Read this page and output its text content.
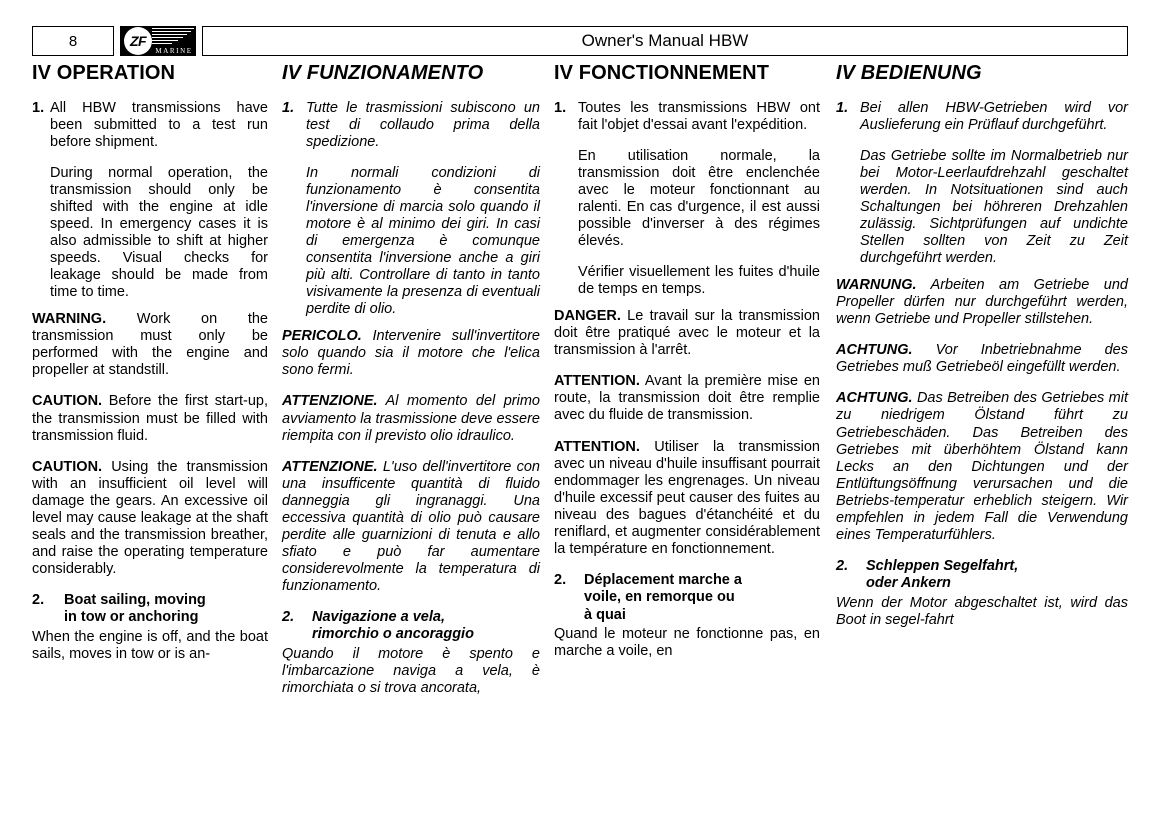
8	ZF
MARINE
Owner's Manual HBW
IV OPERATION
1. All HBW transmissions have been submitted to a test run before shipment.

During normal operation, the transmission should only be shifted with the engine at idle speed. In emergency cases it is also admissible to shift at higher speeds. Visual checks for leakage should be made from time to time.

WARNING. Work on the transmission must only be performed with the engine and propeller at standstill.

CAUTION. Before the first start-up, the transmission must be filled with transmission fluid.

CAUTION. Using the transmission with an insufficient oil level will damage the gears. An excessive oil level may cause leakage at the shaft seals and the transmission breather, and raise the operating temperature considerably.

2.	Boat sailing, moving
in tow or anchoring

When the engine is off, and the boat sails, moves in tow or is an-

IV FUNZIONAMENTO
1. Tutte le trasmissioni subiscono un test di collaudo prima della spedizione.

In normali condizioni di funzionamento è consentita l'inversione di marcia solo quando il motore è al minimo dei giri. In casi di emergenza è comunque consentita l'inversione anche a giri più alti. Controllare di tanto in tanto visivamente la presenza di eventuali perdite di olio.

PERICOLO. Intervenire sull'invertitore solo quando sia il motore che l'elica sono fermi.

ATTENZIONE. Al momento del primo avviamento la trasmissione deve essere riempita con il previsto olio idraulico.

ATTENZIONE. L'uso dell'invertitore con una insufficente quantità di fluido danneggia gli ingranaggi. Una eccessiva quantità di olio può causare perdite alle guarnizioni di tenuta e allo sfiato e può far aumentare considerevolmente la temperatura di funzionamento.

2.	Navigazione a vela,
rimorchio o ancoraggio

Quando il motore è spento e l'imbarcazione naviga a vela, è rimorchiata o si trova ancorata,

IV FONCTIONNEMENT
1. Toutes les transmissions HBW ont fait l'objet d'essai avant l'expédition.

En utilisation normale, la transmission doit être enclenchée avec le moteur fonctionnant au ralenti. En cas d'urgence, il est aussi possible d'inverser à des régimes élevés.

Vérifier visuellement les fuites d'huile de temps en temps.

DANGER. Le travail sur la transmission doit être pratiqué avec le moteur et la transmission à l'arrêt.

ATTENTION. Avant la première mise en route, la transmission doit être remplie avec du fluide de transmission.

ATTENTION. Utiliser la transmission avec un niveau d'huile insuffisant pourrait endommager les engrenages. Un niveau d'huile excessif peut causer des fuites au niveau des bagues d'étanchéité et du reniflard, et augmenter considérablement la température en fonctionnement.

2.	Déplacement marche a
voile, en remorque ou
à quai

Quand le moteur ne fonctionne pas, en marche a voile, en

IV BEDIENUNG
1. Bei allen HBW-Getrieben wird vor Auslieferung ein Prüflauf durchgeführt.

Das Getriebe sollte im Normalbetrieb nur bei Motor-Leerlaufdrehzahl geschaltet werden. In Notsituationen sind auch Schaltungen bei höhreren Drehzahlen zulässig. Sichtprüfungen auf undichte Stellen sollten von Zeit zu Zeit durchgeführt werden.

WARNUNG. Arbeiten am Getriebe und Propeller dürfen nur durchgeführt werden, wenn Getriebe und Propeller stillstehen.

ACHTUNG. Vor Inbetriebnahme des Getriebes muß Getriebeöl eingefüllt werden.

ACHTUNG. Das Betreiben des Getriebes mit zu niedrigem Ölstand führt zu Getriebeschäden. Das Betreiben des Getriebes mit überhöhtem Ölstand kann Lecks an den Dichtungen und der Entlüftungsöffnung verursachen und die Betriebs-temperatur erheblich steigern. Wir empfehlen in jedem Fall die Verwendung eines Temperaturfühlers.

2.	Schleppen Segelfahrt,
oder Ankern

Wenn der Motor abgeschaltet ist, wird das Boot in segel-fahrt
